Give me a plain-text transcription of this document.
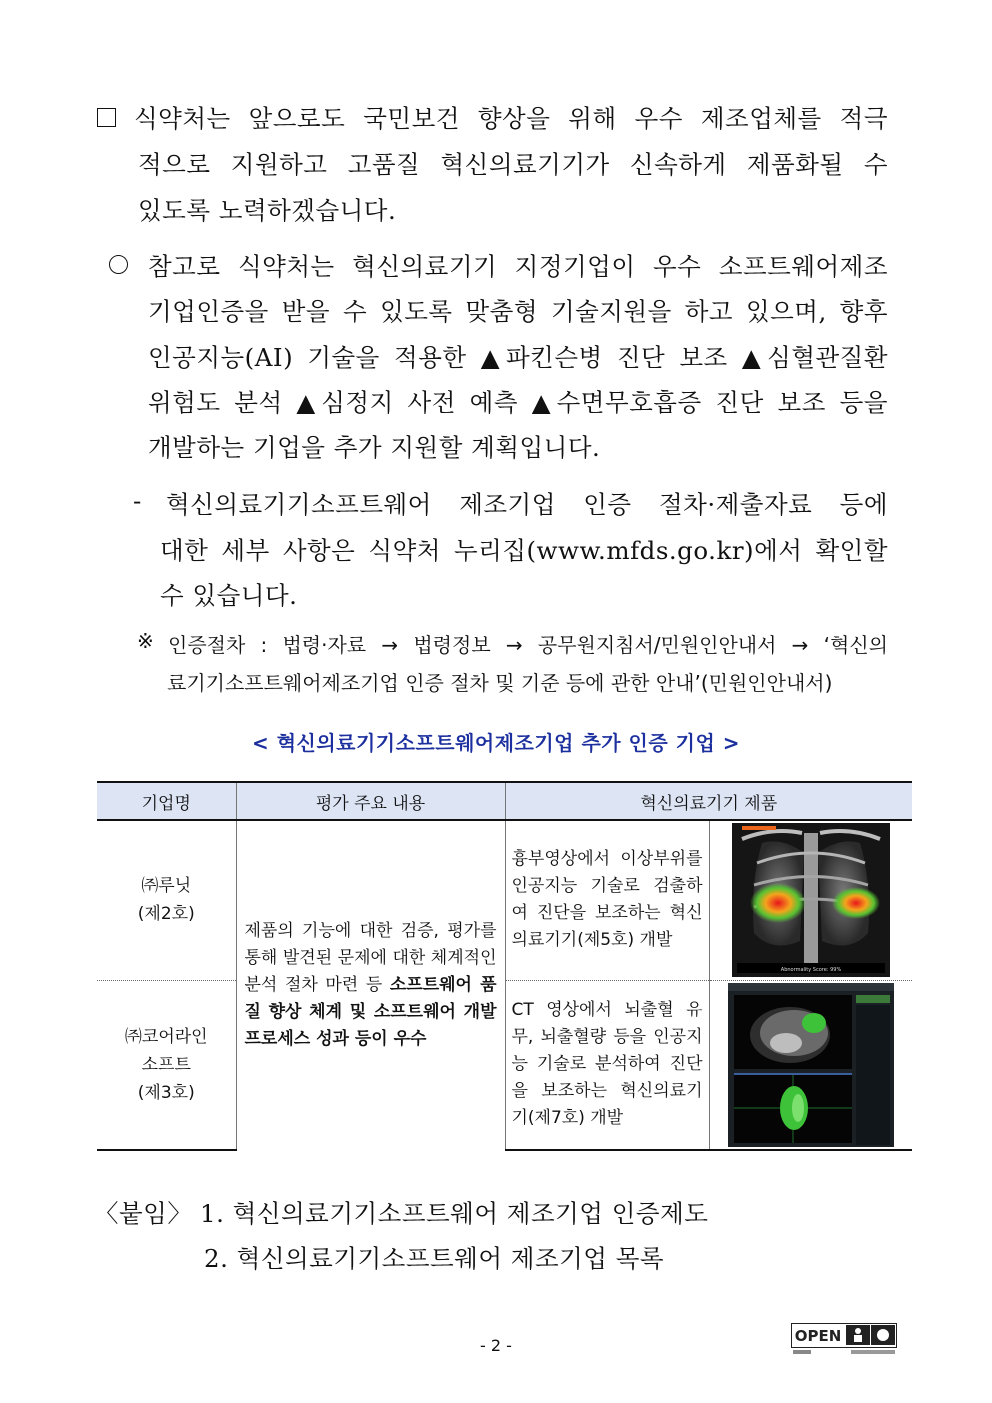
식약처는 앞으로도 국민보건 향상을 위해 우수 제조업체를 적극
적으로 지원하고 고품질 혁신의료기기가 신속하게 제품화될 수
있도록 노력하겠습니다.
참고로 식약처는 혁신의료기기 지정기업이 우수 소프트웨어제조
기업인증을 받을 수 있도록 맞춤형 기술지원을 하고 있으며, 향후
인공지능(AI) 기술을 적용한 ▲파킨슨병 진단 보조 ▲심혈관질환
위험도 분석 ▲심정지 사전 예측 ▲수면무호흡증 진단 보조 등을
개발하는 기업을 추가 지원할 계획입니다.
- 혁신의료기기소프트웨어 제조기업 인증 절차·제출자료 등에
대한 세부 사항은 식약처 누리집(www.mfds.go.kr)에서 확인할
수 있습니다.
※ 인증절차 : 법령·자료 → 법령정보 → 공무원지침서/민원인안내서 → ‘혁신의
료기기소프트웨어제조기업 인증 절차 및 기준 등에 관한 안내’(민원인안내서)
< 혁신의료기기소프트웨어제조기업 추가 인증 기업 >
기업명	평가 주요 내용	혁신의료기기 제품	

㈜루닛
(제2호)	제품의 기능에 대한 검증, 평가를 통해 발견된 문제에 대한 체계적인 분석 절차 마련 등 소프트웨어 품질 향상 체계 및 소프트웨어 개발 프로세스 성과 등이 우수	흉부영상에서 이상부위를 인공지능 기술로 검출하여 진단을 보조하는 혁신의료기기(제5호) 개발	Abnormality Score: 99%

㈜코어라인
소프트
(제3호)		CT 영상에서 뇌출혈 유무, 뇌출혈량 등을 인공지능 기술로 분석하여 진단을 보조하는 혁신의료기기(제7호) 개발	
〈붙임〉 1. 혁신의료기기소프트웨어 제조기업 인증제도
2. 혁신의료기기소프트웨어 제조기업 목록
- 2 -	OPEN
